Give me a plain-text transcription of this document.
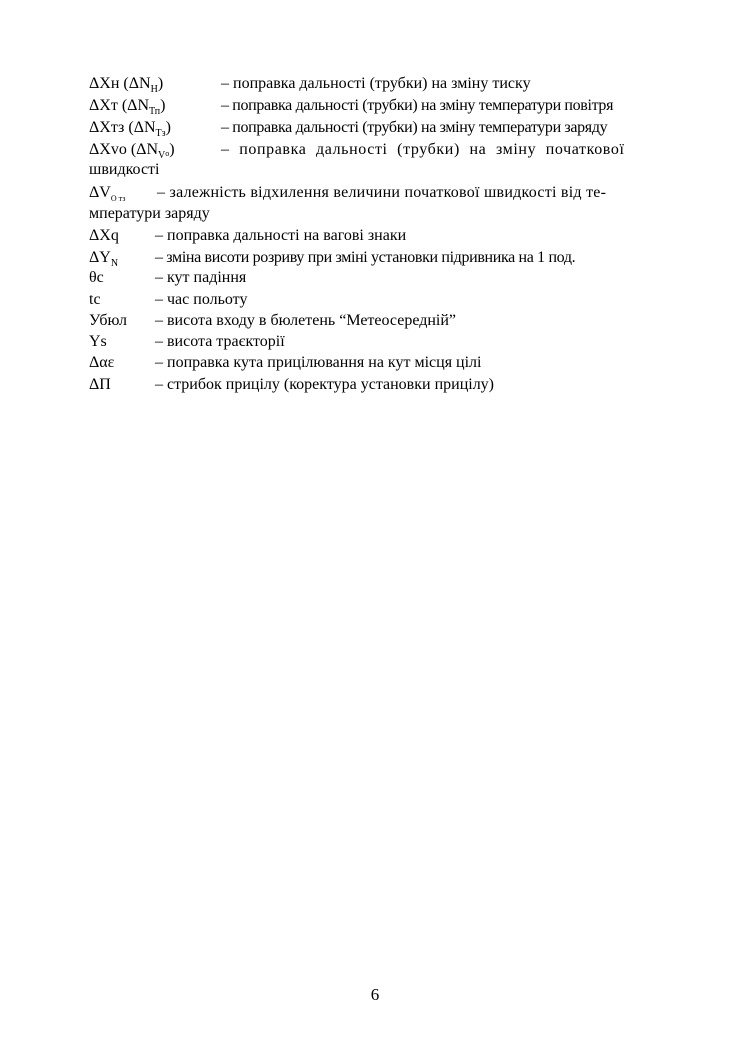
ΔXн $(\Delta N_Н)$	– поправка дальності (трубки) на зміну тиску
ΔXт $(\Delta N_{Тп})$	– поправка дальності (трубки) на зміну температури повітря
ΔXтз $(\Delta N_{Тз})$	– поправка дальності (трубки) на зміну температури заряду
ΔXvo $(\Delta N_Vо)$	– поправка дальності (трубки) на зміну початкової
швидкості
$\Delta V_{О тз}$ – залежність відхилення величини початкової швидкості від те-
мператури заряду
ΔXq – поправка дальності на вагові знаки
$\Delta Y_N$ – зміна висоти розриву при зміні установки підривника на 1 под.
θс	– кут падіння
tc	– час польоту
Убюл – висота входу в бюлетень “Метеосередній”
Ys	– висота траєкторії
Δαε	– поправка кута прицілювання на кут місця цілі
ΔП	– стрибок прицілу (коректура установки прицілу)
6
